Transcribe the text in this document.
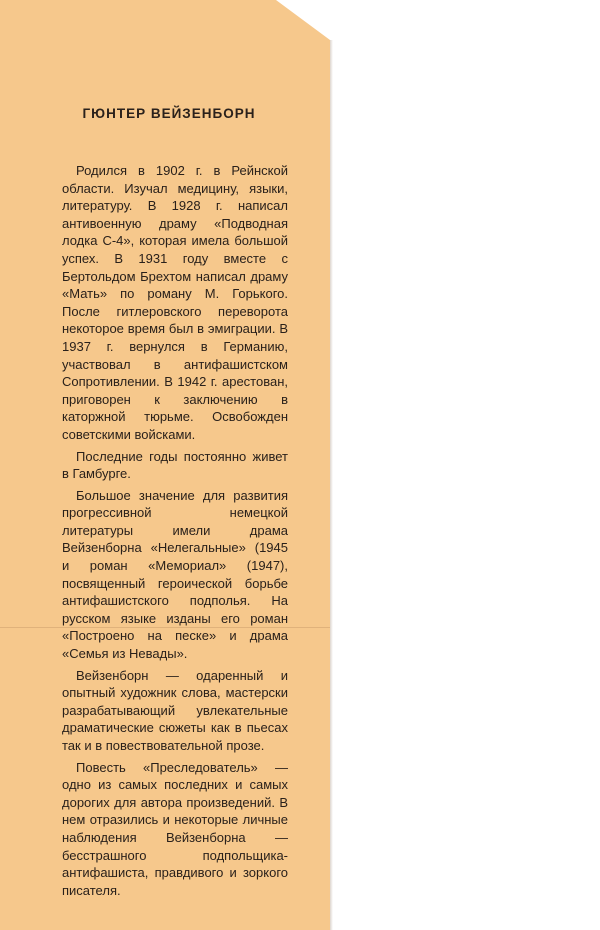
ГЮНТЕР ВЕЙЗЕНБОРН

Родился в 1902 г. в Рейнской области. Изучал медицину, языки, литературу. В 1928 г. написал антивоенную драму «Подводная лодка С-4», которая имела большой успех. В 1931 году вместе с Бертольдом Брехтом написал драму «Мать» по роману М. Горького. После гитлеровского переворота некоторое время был в эмиграции. В 1937 г. вернулся в Германию, участвовал в антифашистском Сопротивлении. В 1942 г. арестован, приговорен к заключению в каторжной тюрьме. Освобожден советскими войсками.

Последние годы постоянно живет в Гамбурге.

Большое значение для развития прогрессивной немецкой литературы имели драма Вейзенборна «Нелегальные» (1945 и роман «Мемориал» (1947), посвященный героической борьбе антифашистского подполья. На русском языке изданы его роман «Построено на песке» и драма «Семья из Невады».

Вейзенборн — одаренный и опытный художник слова, мастерски разрабатывающий увлекательные драматические сюжеты как в пьесах так и в повествовательной прозе.

Повесть «Преследователь» — одно из самых последних и самых дорогих для автора произведений. В нем отразились и некоторые личные наблюдения Вейзенборна — бесстрашного подпольщика-антифашиста, правдивого и зоркого писателя.
